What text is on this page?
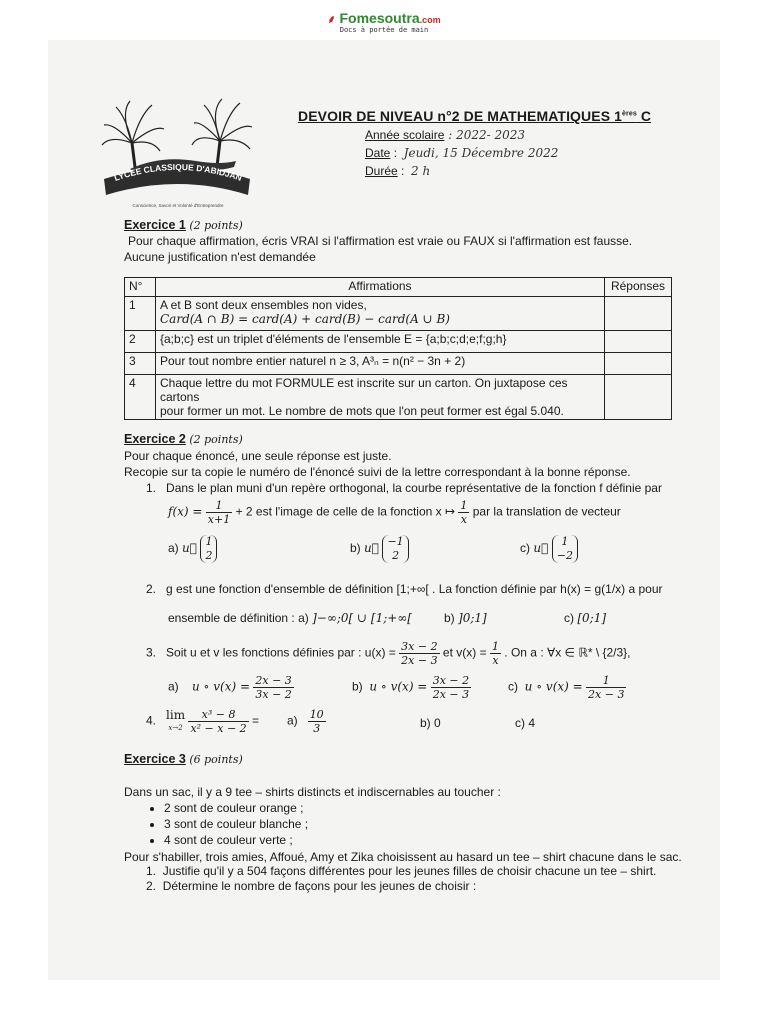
⸙ Fomesoutra.com
Docs à portée de main
LYCEE CLASSIQUE D'ABIDJAN
Conscience, Savoir et Volonté d'Entreprendre
DEVOIR DE NIVEAU n°2 DE MATHEMATIQUES 1ères C
Année scolaire : 2022- 2023
Date :  Jeudi, 15 Décembre 2022
Durée :  2 h
Exercice 1 (2 points)
Pour chaque affirmation, écris VRAI si l'affirmation est vraie ou FAUX si l'affirmation est fausse.
Aucune justification n'est demandée
N°	Affirmations	Réponses
1	A et B sont deux ensembles non vides,
Card(A ∩ B) = card(A) + card(B) − card(A ∪ B)	

2	{a;b;c} est un triplet d'éléments de l'ensemble E = {a;b;c;d;e;f;g;h}	
3	Pour tout nombre entier naturel n ≥ 3, A³ₙ = n(n² − 3n + 2)	
4	Chaque lettre du mot FORMULE est inscrite sur un carton. On juxtapose ces cartons
pour former un mot. Le nombre de mots que l'on peut former est égal 5.040.	

Exercice 2 (2 points)
Pour chaque énoncé, une seule réponse est juste.
Recopie sur ta copie le numéro de l'énoncé suivi de la lettre correspondant à la bonne réponse.
1. Dans le plan muni d'un repère orthogonal, la courbe représentative de la fonction f définie par
$f(x) = \frac{1}{x+1} + 2$ est l'image de celle de la fonction x ↦ $\frac{1}{x}$ par la translation de vecteur
a) u⃗ 1
2
b) u⃗ −1
2
c) u⃗ 1
−2
2. g est une fonction d'ensemble de définition [1;+∞[ . La fonction définie par h(x) = g(1/x) a pour
ensemble de définition : a) ]−∞;0[ ∪ [1;+∞[	b) ]0;1]	c) [0;1]
3. Soit u et v les fonctions définies par : $u(x) = \frac{3x - 2}{2x - 3}$ et $v(x) = \frac{1}{x}$ . On a : ∀x ∈ ℝ* \ {2/3},
a) u ∘ $v(x) = \frac{2x - 3}{3x - 2}$	b) u ∘ $v(x) = \frac{3x - 2}{2x - 3}$	c) u ∘ $v(x) = \frac{1}{2x - 3}$
4. lim
$x\to 2 \frac{\text{x³ − 8}}{\text{x² − x − 2}} = a) \frac{10}{3}$	b) 0	c) 4
Exercice 3 (6 points)
Dans un sac, il y a 9 tee – shirts distincts et indiscernables au toucher :
• 2 sont de couleur orange ;
• 3 sont de couleur blanche ;
• 4 sont de couleur verte ;
Pour s'habiller, trois amies, Affoué, Amy et Zika choisissent au hasard un tee – shirt chacune dans le sac.
1. Justifie qu'il y a 504 façons différentes pour les jeunes filles de choisir chacune un tee – shirt.
2. Détermine le nombre de façons pour les jeunes de choisir :
